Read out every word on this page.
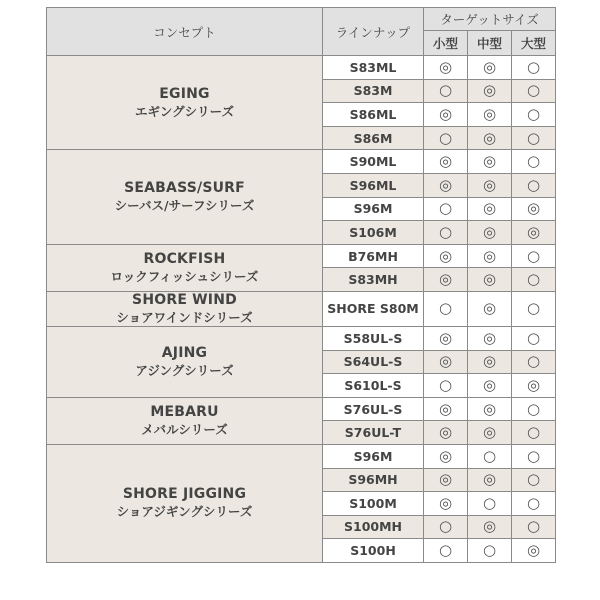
コンセプト	ラインナップ	ターゲットサイズ		
		小型	中型	大型

EGING
エギングシリーズ	S83ML	◎	◎	○
	S83M	○	◎	○
	S86ML	◎	◎	○
	S86M	○	◎	○

SEABASS/SURF
シーバス/サーフシリーズ	S90ML	◎	◎	○
	S96ML	◎	◎	○
	S96M	○	◎	◎
	S106M	○	◎	◎

ROCKFISH
ロックフィッシュシリーズ	B76MH	◎	◎	○
	S83MH	◎	◎	○

SHORE WIND
ショアワインドシリーズ	SHORE S80M	○	◎	○

AJING
アジングシリーズ	S58UL-S	◎	◎	○
	S64UL-S	◎	◎	○
	S610L-S	○	◎	◎

MEBARU
メバルシリーズ	S76UL-S	◎	◎	○
	S76UL-T	◎	◎	○

SHORE JIGGING
ショアジギングシリーズ	S96M	◎	○	○
	S96MH	◎	◎	○
	S100M	◎	○	○
	S100MH	○	◎	○
	S100H	○	○	◎
